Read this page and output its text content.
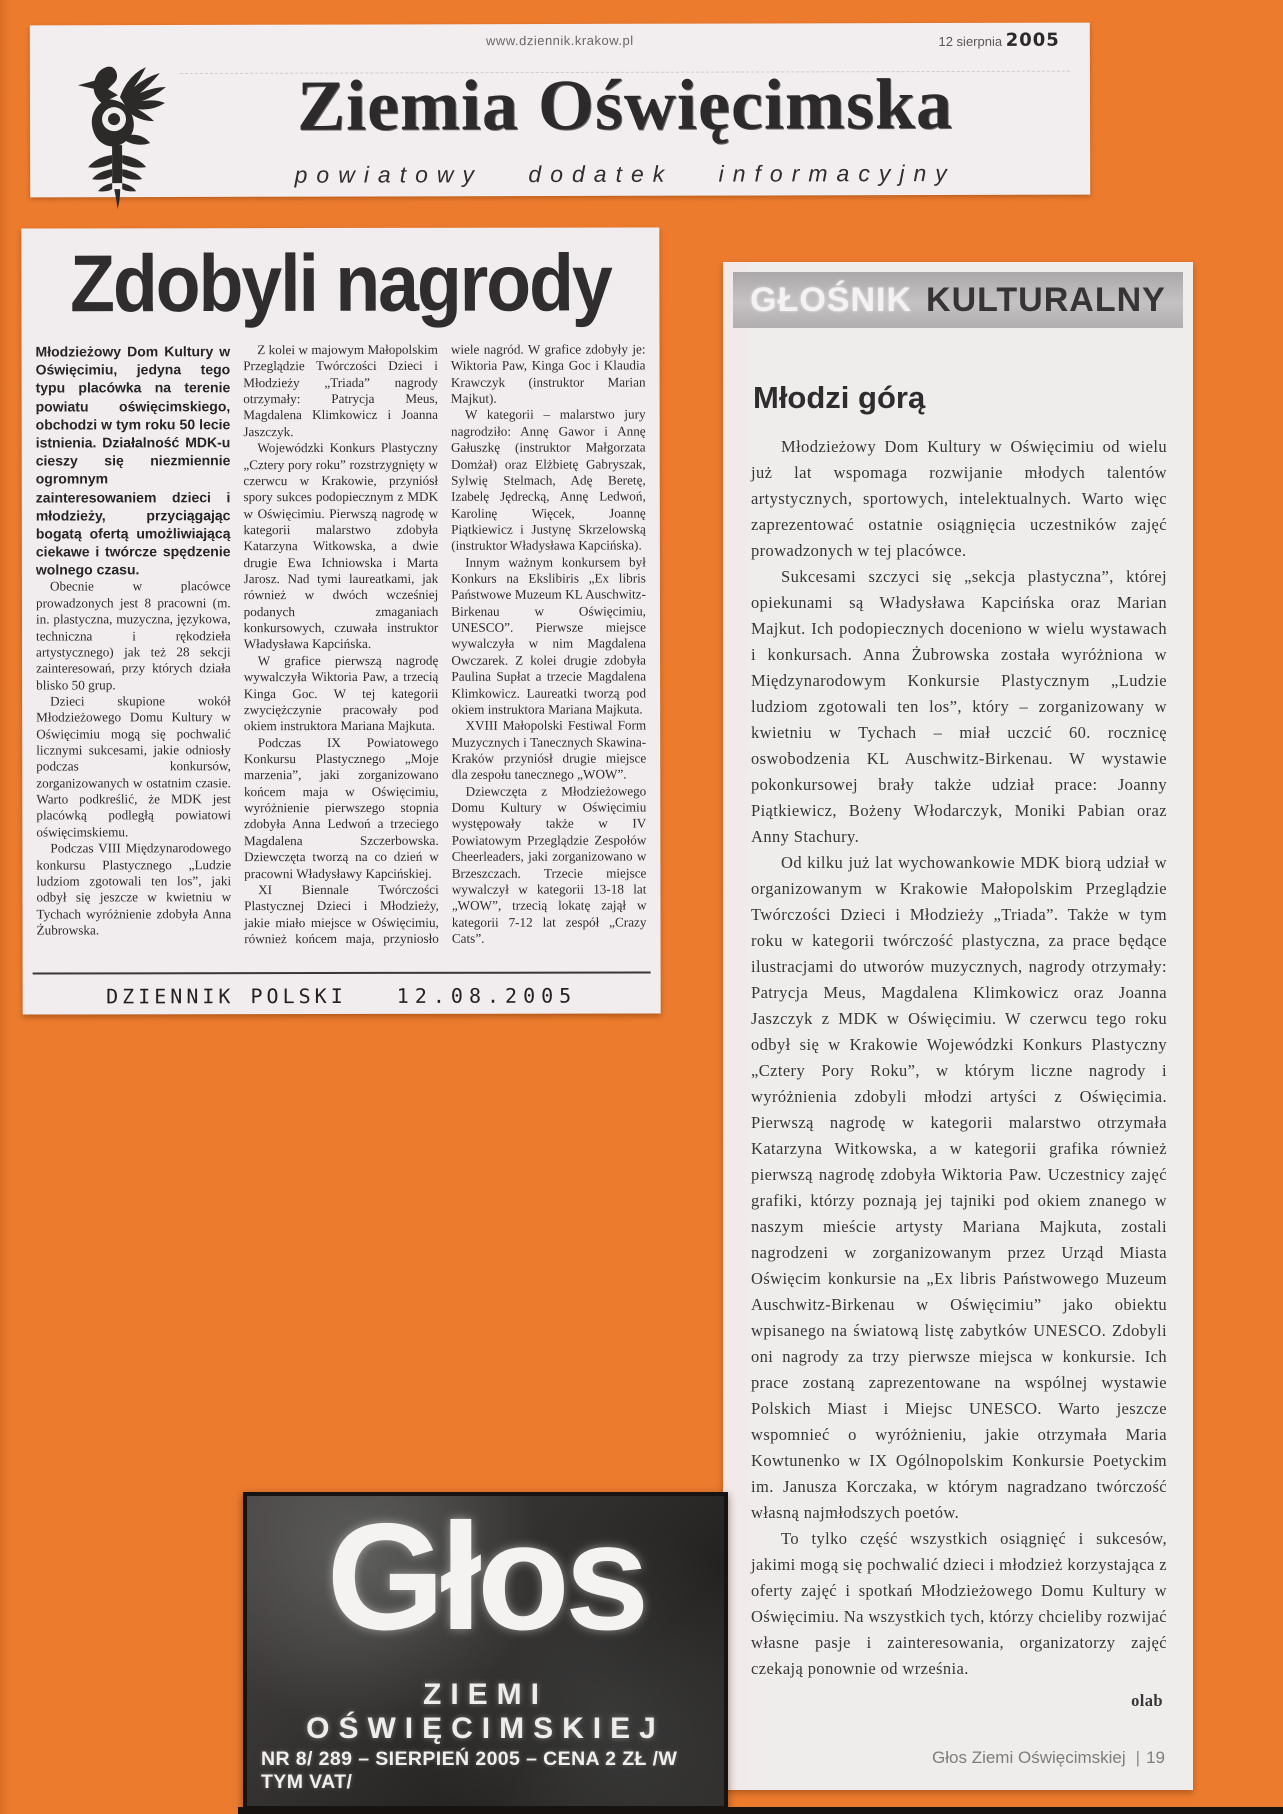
www.dziennik.krakow.pl	12 sierpnia 2005
Ziemia Oświęcimska
powiatowy dodatek informacyjny
Zdobyli nagrody

Młodzieżowy Dom Kultury w Oświęcimiu, jedyna tego typu placówka na terenie powiatu oświęcimskiego, obchodzi w tym roku 50 lecie istnienia. Działalność MDK-u cieszy się niezmiennie ogromnym zainteresowaniem dzieci i młodzieży, przyciągając bogatą ofertą umożliwiającą ciekawe i twórcze spędzenie wolnego czasu.

Obecnie w placówce prowadzonych jest 8 pracowni (m. in. plastyczna, muzyczna, językowa, techniczna i rękodzieła artystycznego) jak też 28 sekcji zainteresowań, przy których działa blisko 50 grup.

Dzieci skupione wokół Młodzieżowego Domu Kultury w Oświęcimiu mogą się pochwalić licznymi sukcesami, jakie odniosły podczas konkursów, zorganizowanych w ostatnim czasie. Warto podkreślić, że MDK jest placówką podległą powiatowi oświęcimskiemu.

Podczas VIII Międzynarodowego konkursu Plastycznego „Ludzie ludziom zgotowali ten los”, jaki odbył się jeszcze w kwietniu w Tychach wyróżnienie zdobyła Anna Żubrowska.

Z kolei w majowym Małopolskim Przeglądzie Twórczości Dzieci i Młodzieży „Triada” nagrody otrzymały: Patrycja Meus, Magdalena Klimkowicz i Joanna Jaszczyk.

Wojewódzki Konkurs Plastyczny „Cztery pory roku” rozstrzygnięty w czerwcu w Krakowie, przyniósł spory sukces podopiecznym z MDK w Oświęcimiu. Pierwszą nagrodę w kategorii malarstwo zdobyła Katarzyna Witkowska, a dwie drugie Ewa Ichniowska i Marta Jarosz. Nad tymi laureatkami, jak również w dwóch wcześniej podanych zmaganiach konkursowych, czuwała instruktor Władysława Kapcińska.

W grafice pierwszą nagrodę wywalczyła Wiktoria Paw, a trzecią Kinga Goc. W tej kategorii zwyciężczynie pracowały pod okiem instruktora Mariana Majkuta.

Podczas IX Powiatowego Konkursu Plastycznego „Moje marzenia”, jaki zorganizowano końcem maja w Oświęcimiu, wyróżnienie pierwszego stopnia zdobyła Anna Ledwoń a trzeciego Magdalena Szczerbowska. Dziewczęta tworzą na co dzień w pracowni Władysławy Kapcińskiej.

XI Biennale Twórczości Plastycznej Dzieci i Młodzieży, jakie miało miejsce w Oświęcimiu, również końcem maja, przyniosło wiele nagród. W grafice zdobyły je: Wiktoria Paw, Kinga Goc i Klaudia Krawczyk (instruktor Marian Majkut).

W kategorii – malarstwo jury nagrodziło: Annę Gawor i Annę Gałuszkę (instruktor Małgorzata Domżał) oraz Elżbietę Gabryszak, Sylwię Stelmach, Adę Beretę, Izabelę Jędrecką, Annę Ledwoń, Karolinę Więcek, Joannę Piątkiewicz i Justynę Skrzelowską (instruktor Władysława Kapcińska).

Innym ważnym konkursem był Konkurs na Ekslibiris „Ex libris Państwowe Muzeum KL Auschwitz-Birkenau w Oświęcimiu, UNESCO”. Pierwsze miejsce wywalczyła w nim Magdalena Owczarek. Z kolei drugie zdobyła Paulina Supłat a trzecie Magdalena Klimkowicz. Laureatki tworzą pod okiem instruktora Mariana Majkuta.

XVIII Małopolski Festiwal Form Muzycznych i Tanecznych Skawina-Kraków przyniósł drugie miejsce dla zespołu tanecznego „WOW”.

Dziewczęta z Młodzieżowego Domu Kultury w Oświęcimiu występowały także w IV Powiatowym Przeglądzie Zespołów Cheerleaders, jaki zorganizowano w Brzeszczach. Trzecie miejsce wywalczył w kategorii 13-18 lat „WOW”, trzecią lokatę zajął w kategorii 7-12 lat zespół „Crazy Cats”.

DZIENNIK POLSKI	12.08.2005
GŁOŚNIK KULTURALNY
Młodzi górą

Młodzieżowy Dom Kultury w Oświęcimiu od wielu już lat wspomaga rozwijanie młodych talentów artystycznych, sportowych, intelektualnych. Warto więc zaprezentować ostatnie osiągnięcia uczestników zajęć prowadzonych w tej placówce.

Sukcesami szczyci się „sekcja plastyczna”, której opiekunami są Władysława Kapcińska oraz Marian Majkut. Ich podopiecznych doceniono w wielu wystawach i konkursach. Anna Żubrowska została wyróżniona w Międzynarodowym Konkursie Plastycznym „Ludzie ludziom zgotowali ten los”, który – zorganizowany w kwietniu w Tychach – miał uczcić 60. rocznicę oswobodzenia KL Auschwitz-Birkenau. W wystawie pokonkursowej brały także udział prace: Joanny Piątkiewicz, Bożeny Włodarczyk, Moniki Pabian oraz Anny Stachury.

Od kilku już lat wychowankowie MDK biorą udział w organizowanym w Krakowie Małopolskim Przeglądzie Twórczości Dzieci i Młodzieży „Triada”. Także w tym roku w kategorii twórczość plastyczna, za prace będące ilustracjami do utworów muzycznych, nagrody otrzymały: Patrycja Meus, Magdalena Klimkowicz oraz Joanna Jaszczyk z MDK w Oświęcimiu. W czerwcu tego roku odbył się w Krakowie Wojewódzki Konkurs Plastyczny „Cztery Pory Roku”, w którym liczne nagrody i wyróżnienia zdobyli młodzi artyści z Oświęcimia. Pierwszą nagrodę w kategorii malarstwo otrzymała Katarzyna Witkowska, a w kategorii grafika również pierwszą nagrodę zdobyła Wiktoria Paw. Uczestnicy zajęć grafiki, którzy poznają jej tajniki pod okiem znanego w naszym mieście artysty Mariana Majkuta, zostali nagrodzeni w zorganizowanym przez Urząd Miasta Oświęcim konkursie na „Ex libris Państwowego Muzeum Auschwitz-Birkenau w Oświęcimiu” jako obiektu wpisanego na światową listę zabytków UNESCO. Zdobyli oni nagrody za trzy pierwsze miejsca w konkursie. Ich prace zostaną zaprezentowane na wspólnej wystawie Polskich Miast i Miejsc UNESCO. Warto jeszcze wspomnieć o wyróżnieniu, jakie otrzymała Maria Kowtunenko w IX Ogólnopolskim Konkursie Poetyckim im. Janusza Korczaka, w którym nagradzano twórczość własną najmłodszych poetów.

To tylko część wszystkich osiągnięć i sukcesów, jakimi mogą się pochwalić dzieci i młodzież korzystająca z oferty zajęć i spotkań Młodzieżowego Domu Kultury w Oświęcimiu. Na wszystkich tych, którzy chcieliby rozwijać własne pasje i zainteresowania, organizatorzy zajęć czekają ponownie od września.

olab

Głos Ziemi Oświęcimskiej | 19
Głos
ZIEMI OŚWIĘCIMSKIEJ
NR 8/ 289 – SIERPIEŃ 2005 – CENA 2 ZŁ /W TYM VAT/
